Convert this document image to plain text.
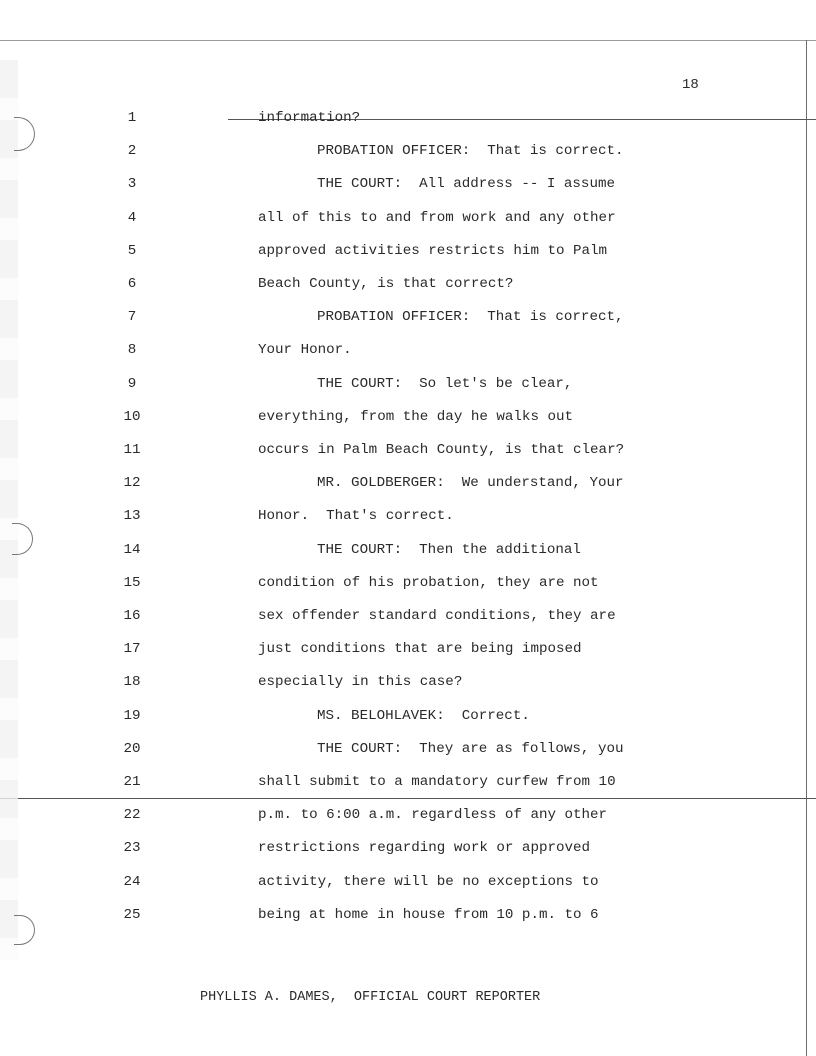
18
1	information?
2	PROBATION OFFICER:  That is correct.
3	THE COURT:  All address -- I assume
4	all of this to and from work and any other
5	approved activities restricts him to Palm
6	Beach County, is that correct?
7	PROBATION OFFICER:  That is correct,
8	Your Honor.
9	THE COURT:  So let's be clear,
10	everything, from the day he walks out
11	occurs in Palm Beach County, is that clear?
12	MR. GOLDBERGER:  We understand, Your
13	Honor.  That's correct.
14	THE COURT:  Then the additional
15	condition of his probation, they are not
16	sex offender standard conditions, they are
17	just conditions that are being imposed
18	especially in this case?
19	MS. BELOHLAVEK:  Correct.
20	THE COURT:  They are as follows, you
21	shall submit to a mandatory curfew from 10
22	p.m. to 6:00 a.m. regardless of any other
23	restrictions regarding work or approved
24	activity, there will be no exceptions to
25	being at home in house from 10 p.m. to 6
PHYLLIS A. DAMES,  OFFICIAL COURT REPORTER
